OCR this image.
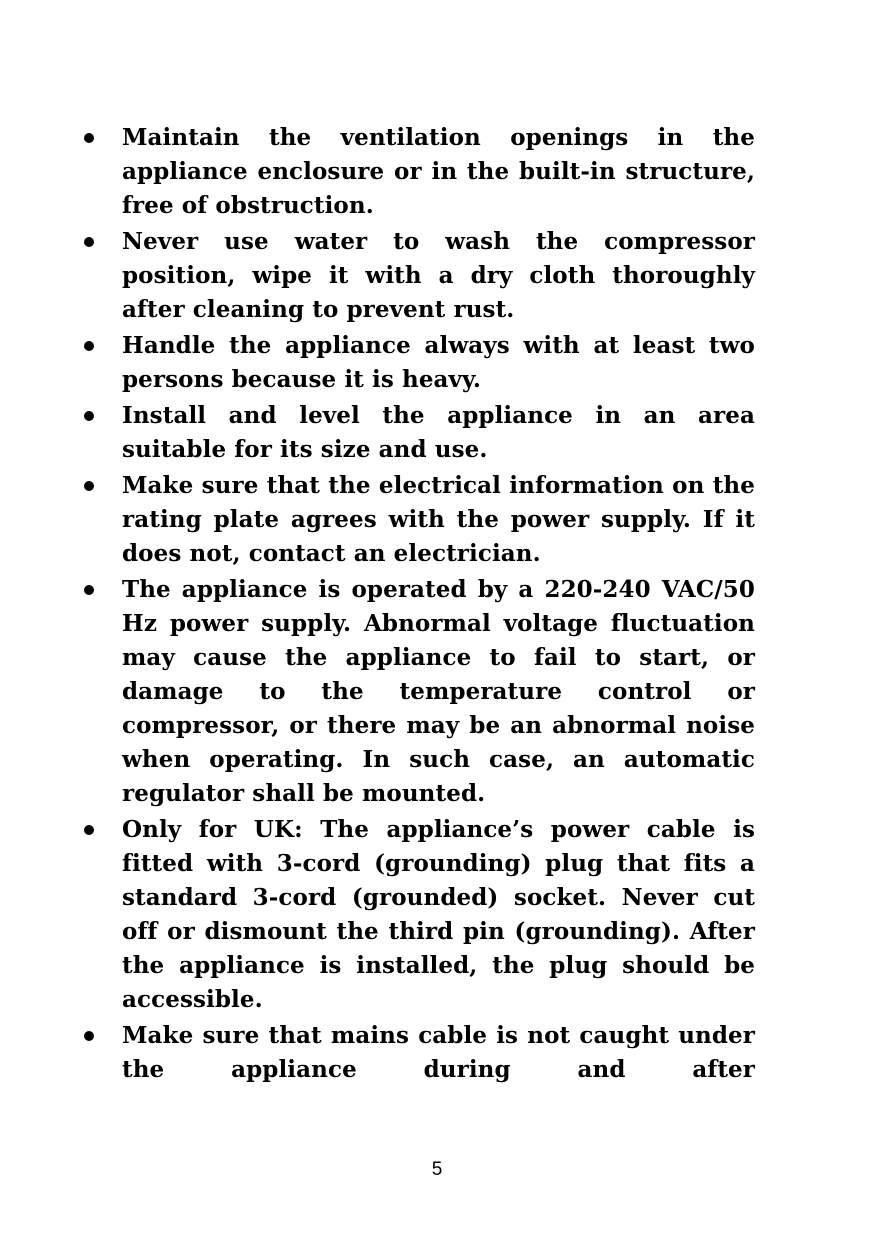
Maintain the ventilation openings in the appliance enclosure or in the built-in structure, free of obstruction.
Never use water to wash the compressor position, wipe it with a dry cloth thoroughly after cleaning to prevent rust.
Handle the appliance always with at least two persons because it is heavy.
Install and level the appliance in an area suitable for its size and use.
Make sure that the electrical information on the rating plate agrees with the power supply. If it does not, contact an electrician.
The appliance is operated by a 220-240 VAC/50 Hz power supply. Abnormal voltage fluctuation may cause the appliance to fail to start, or damage to the temperature control or compressor, or there may be an abnormal noise when operating. In such case, an automatic regulator shall be mounted.
Only for UK: The appliance’s power cable is fitted with 3-cord (grounding) plug that fits a standard 3-cord (grounded) socket. Never cut off or dismount the third pin (grounding). After the appliance is installed, the plug should be accessible.
Make sure that mains cable is not caught under the appliance during and after
5
